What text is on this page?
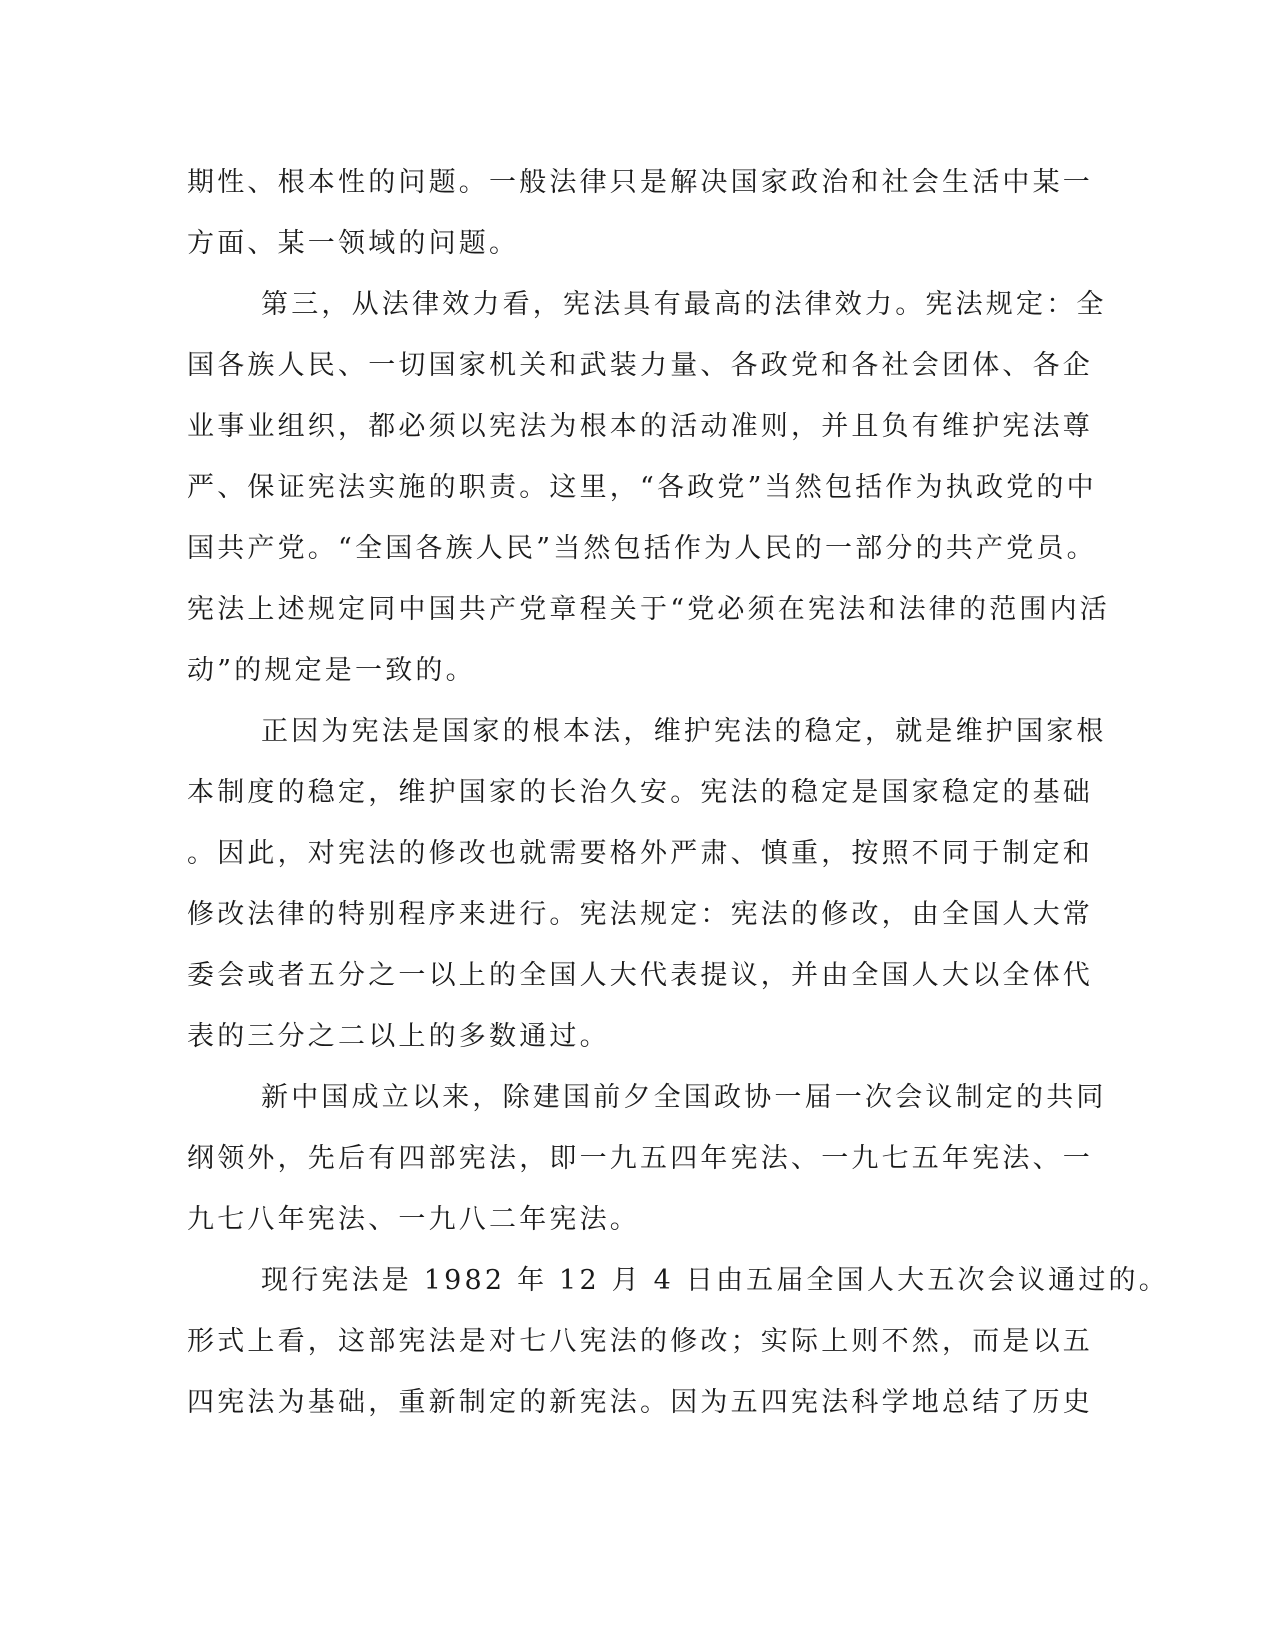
期性、根本性的问题。一般法律只是解决国家政治和社会生活中某一
方面、某一领域的问题。
第三，从法律效力看，宪法具有最高的法律效力。宪法规定：全
国各族人民、一切国家机关和武装力量、各政党和各社会团体、各企
业事业组织，都必须以宪法为根本的活动准则，并且负有维护宪法尊
严、保证宪法实施的职责。这里，“各政党”当然包括作为执政党的中
国共产党。“全国各族人民”当然包括作为人民的一部分的共产党员。
宪法上述规定同中国共产党章程关于“党必须在宪法和法律的范围内活
动”的规定是一致的。
正因为宪法是国家的根本法，维护宪法的稳定，就是维护国家根
本制度的稳定，维护国家的长治久安。宪法的稳定是国家稳定的基础
。因此，对宪法的修改也就需要格外严肃、慎重，按照不同于制定和
修改法律的特别程序来进行。宪法规定：宪法的修改，由全国人大常
委会或者五分之一以上的全国人大代表提议，并由全国人大以全体代
表的三分之二以上的多数通过。
新中国成立以来，除建国前夕全国政协一届一次会议制定的共同
纲领外，先后有四部宪法，即一九五四年宪法、一九七五年宪法、一
九七八年宪法、一九八二年宪法。
现行宪法是 1982 年 12 月 4 日由五届全国人大五次会议通过的。
形式上看，这部宪法是对七八宪法的修改；实际上则不然，而是以五
四宪法为基础，重新制定的新宪法。因为五四宪法科学地总结了历史
